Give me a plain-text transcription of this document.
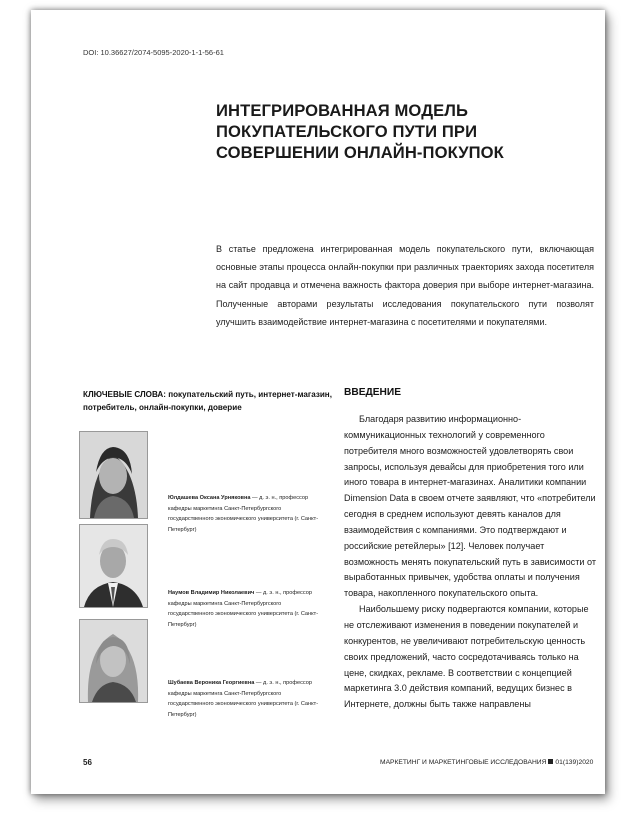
DOI: 10.36627/2074-5095-2020-1-1-56-61
ИНТЕГРИРОВАННАЯ МОДЕЛЬ ПОКУПАТЕЛЬСКОГО ПУТИ ПРИ СОВЕРШЕНИИ ОНЛАЙН-ПОКУПОК
В статье предложена интегрированная модель покупательского пути, включающая основные этапы процесса онлайн-покупки при различных траекториях захода посетителя на сайт продавца и отмечена важность фактора доверия при выборе интернет-магазина. Полученные авторами результаты исследования покупательского пути позволят улучшить взаимодействие интернет-магазина с посетителями и покупателями.
КЛЮЧЕВЫЕ СЛОВА: покупательский путь, интернет-магазин, потребитель, онлайн-покупки, доверие
Юлдашева Оксана Урняковна — д. э. н., профессор кафедры маркетинга Санкт-Петербургского государственного экономического университета (г. Санкт-Петербург)
Наумов Владимир Николаевич — д. э. н., профессор кафедры маркетинга Санкт-Петербургского государственного экономического университета (г. Санкт-Петербург)
Шубаева Вероника Георгиевна — д. э. н., профессор кафедры маркетинга Санкт-Петербургского государственного экономического университета (г. Санкт-Петербург)
ВВЕДЕНИЕ

Благодаря развитию информационно-коммуникационных технологий у современного потребителя много возможностей удовлетворять свои запросы, используя девайсы для приобретения того или иного товара в интернет-магазинах. Аналитики компании Dimension Data в своем отчете заявляют, что «потребители сегодня в среднем используют девять каналов для взаимодействия с компаниями. Это подтверждают и российские ретейлеры» [12]. Человек получает возможность менять покупательский путь в зависимости от выработанных привычек, удобства оплаты и получения товара, накопленного покупательского опыта.

Наибольшему риску подвергаются компании, которые не отслеживают изменения в поведении покупателей и конкурентов, не увеличивают потребительскую ценность своих предложений, часто сосредотачиваясь только на цене, скидках, рекламе. В соответствии с концепцией маркетинга 3.0 действия компаний, ведущих бизнес в Интернете, должны быть также направлены

56	МАРКЕТИНГ И МАРКЕТИНГОВЫЕ ИССЛЕДОВАНИЯ 01(139)2020
